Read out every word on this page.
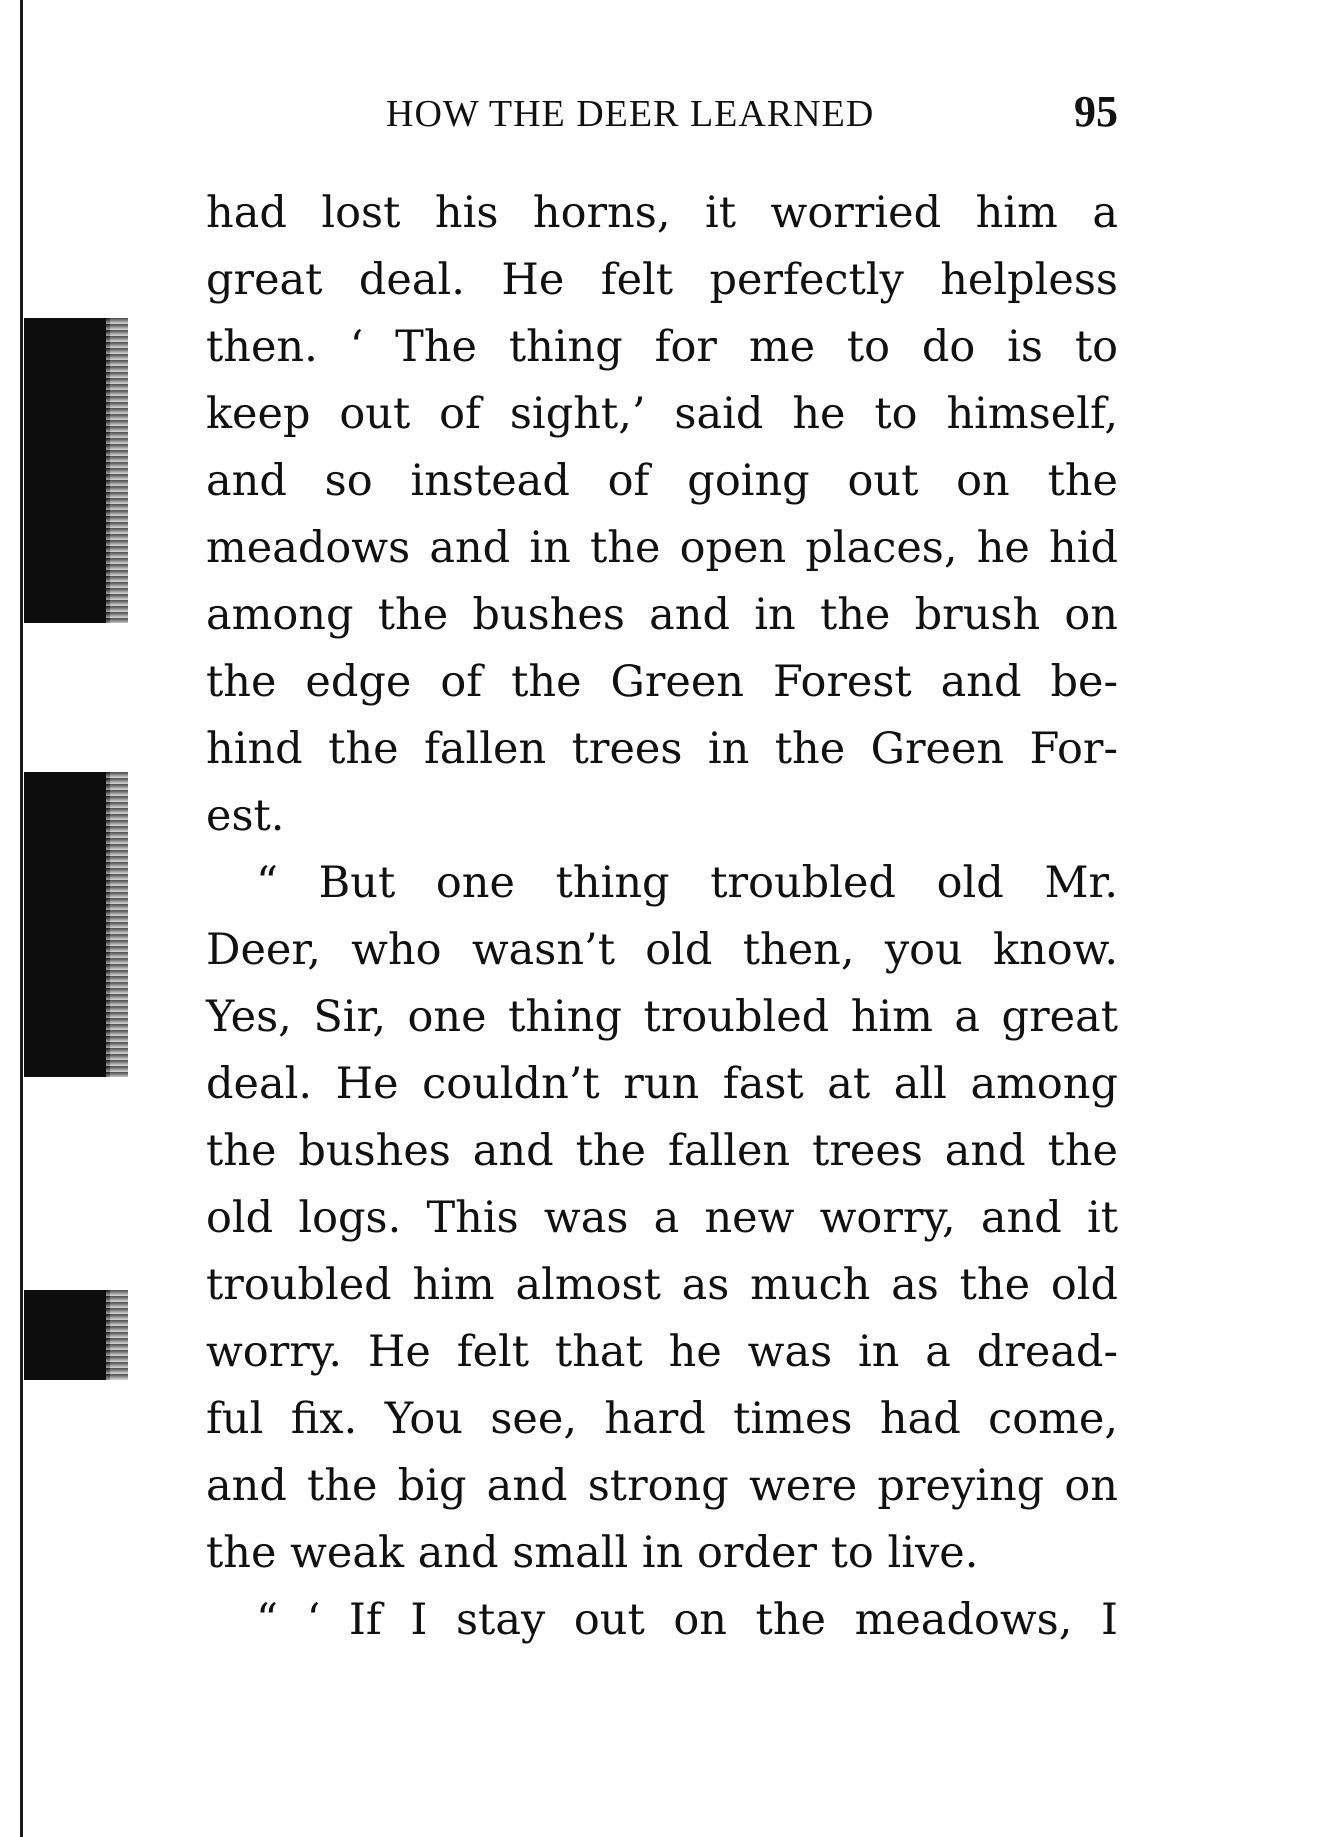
HOW THE DEER LEARNED	95
had lost his horns, it worried him a
great deal. He felt perfectly helpless
then. ‘ The thing for me to do is to
keep out of sight,’ said he to himself,
and so instead of going out on the
meadows and in the open places, he hid
among the bushes and in the brush on
the edge of the Green Forest and be-
hind the fallen trees in the Green For-
est.
“ But one thing troubled old Mr.
Deer, who wasn’t old then, you know.
Yes, Sir, one thing troubled him a great
deal. He couldn’t run fast at all among
the bushes and the fallen trees and the
old logs. This was a new worry, and it
troubled him almost as much as the old
worry. He felt that he was in a dread-
ful fix. You see, hard times had come,
and the big and strong were preying on
the weak and small in order to live.
“ ‘ If I stay out on the meadows, I
